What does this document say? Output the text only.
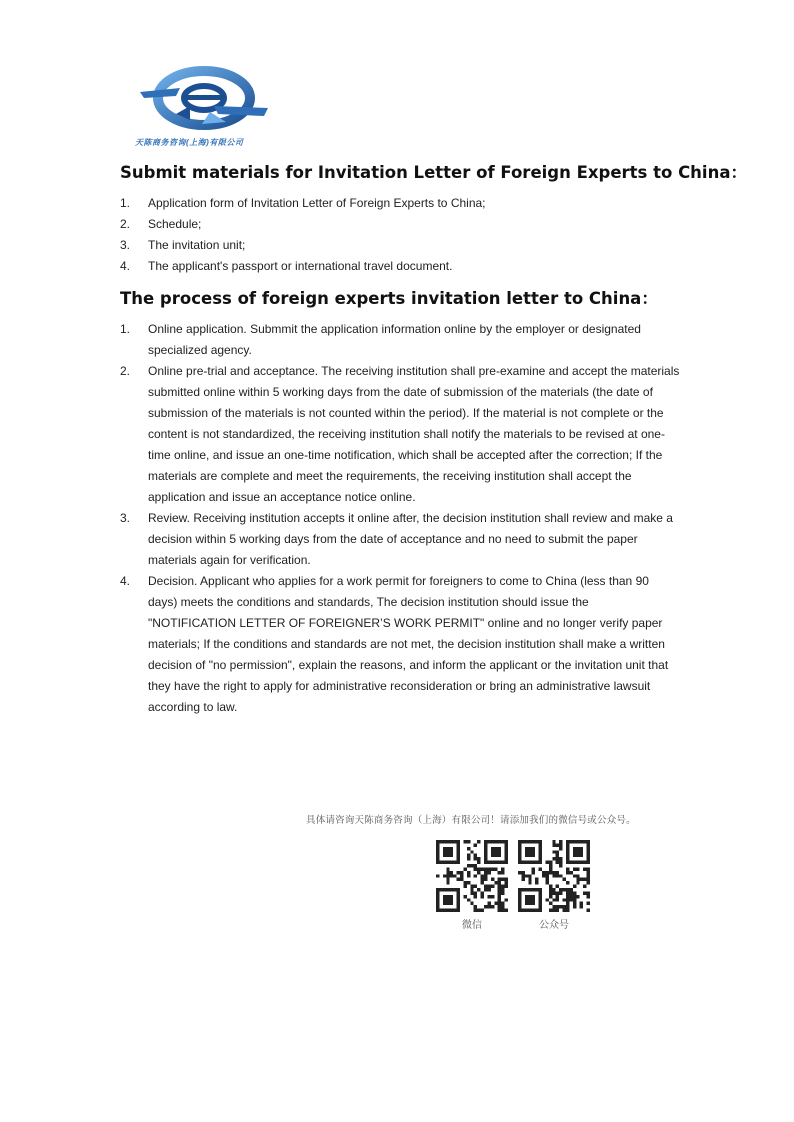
天陈商务咨询(上海)有限公司
Submit materials for Invitation Letter of Foreign Experts to China：
1. Application form of Invitation Letter of Foreign Experts to China;
2. Schedule;
3. The invitation unit;
4. The applicant's passport or international travel document.
The process of foreign experts invitation letter to China：
1. Online application. Submmit the application information online by the employer or designated specialized agency.
2. Online pre-trial and acceptance. The receiving institution shall pre-examine and accept the materials submitted online within 5 working days from the date of submission of the materials (the date of submission of the materials is not counted within the period). If the material is not complete or the content is not standardized, the receiving institution shall notify the materials to be revised at one-time online, and issue an one-time notification, which shall be accepted after the correction; If the materials are complete and meet the requirements, the receiving institution shall accept the application and issue an acceptance notice online.
3. Review. Receiving institution accepts it online after, the decision institution shall review and make a decision within 5 working days from the date of acceptance and no need to submit the paper materials again for verification.
4. Decision. Applicant who applies for a work permit for foreigners to come to China (less than 90 days) meets the conditions and standards, The decision institution should issue the "NOTIFICATION LETTER OF FOREIGNER’S WORK PERMIT" online and no longer verify paper materials; If the conditions and standards are not met, the decision institution shall make a written decision of "no permission", explain the reasons, and inform the applicant or the invitation unit that they have the right to apply for administrative reconsideration or bring an administrative lawsuit according to law.
具体请咨询天陈商务咨询（上海）有限公司！请添加我们的微信号或公众号。
微信	公众号
